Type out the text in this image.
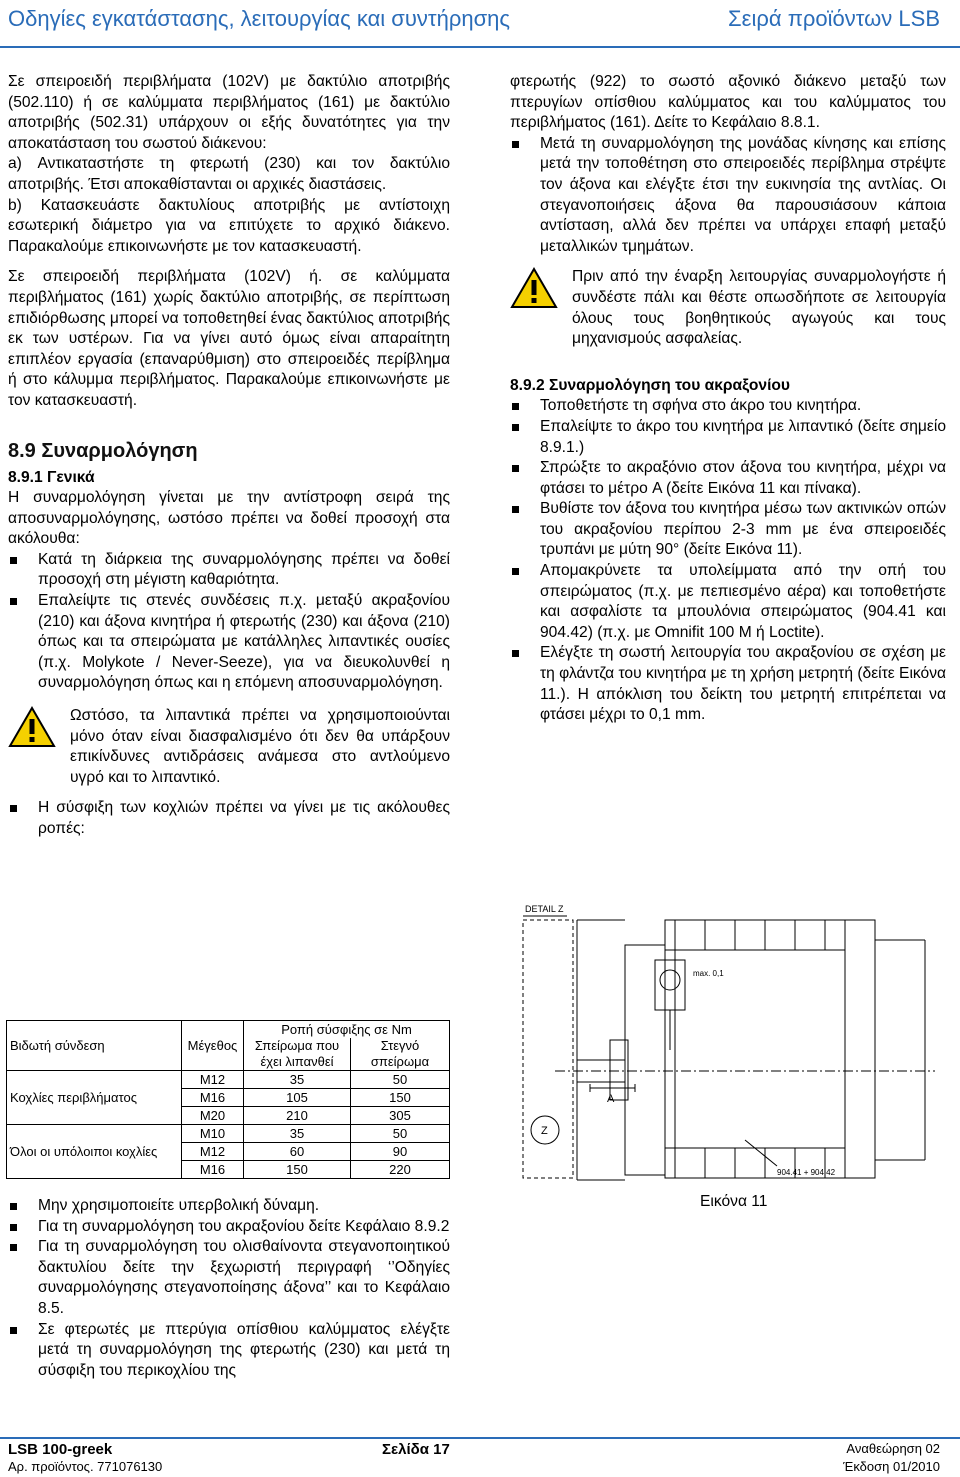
Οδηγίες εγκατάστασης, λειτουργίας και συντήρησης	Σειρά προϊόντων LSB

Σε σπειροειδή περιβλήματα (102V) με δακτύλιο αποτριβής (502.110) ή σε καλύμματα περιβλήματος (161) με δακτύλιο αποτριβής (502.31) υπάρχουν οι εξής δυνατότητες για την αποκατάσταση του σωστού διάκενου:

a) Αντικαταστήστε τη φτερωτή (230) και τον δακτύλιο αποτριβής. Έτσι αποκαθίστανται οι αρχικές διαστάσεις.

b) Κατασκευάστε δακτυλίους αποτριβής με αντίστοιχη εσωτερική διάμετρο για να επιτύχετε το αρχικό διάκενο. Παρακαλούμε επικοινωνήστε με τον κατασκευαστή.

Σε σπειροειδή περιβλήματα (102V) ή. σε καλύμματα περιβλήματος (161) χωρίς δακτύλιο αποτριβής, σε περίπτωση επιδιόρθωσης μπορεί να τοποθετηθεί ένας δακτύλιος αποτριβής εκ των υστέρων. Για να γίνει αυτό όμως είναι απαραίτητη επιπλέον εργασία (επαναρύθμιση) στο σπειροειδές περίβλημα ή στο κάλυμμα περιβλήματος. Παρακαλούμε επικοινωνήστε με τον κατασκευαστή.

8.9 Συναρμολόγηση
8.9.1 Γενικά

Η συναρμολόγηση γίνεται με την αντίστροφη σειρά της αποσυναρμολόγησης, ωστόσο πρέπει να δοθεί προσοχή στα ακόλουθα:

Κατά τη διάρκεια της συναρμολόγησης πρέπει να δοθεί προσοχή στη μέγιστη καθαριότητα.
Επαλείψτε τις στενές συνδέσεις π.χ. μεταξύ ακραξονίου (210) και άξονα κινητήρα ή φτερωτής (230) και άξονα (210) όπως και τα σπειρώματα με κατάλληλες λιπαντικές ουσίες (π.χ. Molykote / Never-Seeze), για να διευκολυνθεί η συναρμολόγηση όπως και η επόμενη αποσυναρμολόγηση.

Ωστόσο, τα λιπαντικά πρέπει να χρησιμοποιούνται μόνο όταν είναι διασφαλισμένο ότι δεν θα υπάρξουν επικίνδυνες αντιδράσεις ανάμεσα στο αντλούμενο υγρό και το λιπαντικό.

Η σύσφιξη των κοχλιών πρέπει να γίνει με τις ακόλουθες ροπές:
Βιδωτή σύνδεση	Μέγεθος	Ροπή σύσφιξης σε Nm	
		Σπείρωμα που έχει λιπανθεί	Στεγνό σπείρωμα

Κοχλίες περιβλήματος	M12	35	50
	M16	105	150
	M20	210	305
Όλοι οι υπόλοιποι κοχλίες	M10	35	50
	M12	60	90
	M16	150	220
Μην χρησιμοποιείτε υπερβολική δύναμη.
Για τη συναρμολόγηση του ακραξονίου δείτε Κεφάλαιο 8.9.2
Για τη συναρμολόγηση του ολισθαίνοντα στεγανοποιητικού δακτυλίου δείτε την ξεχωριστή περιγραφή ‘’Οδηγίες συναρμολόγησης στεγανοποίησης άξονα’’ και το Κεφάλαιο 8.5.
Σε φτερωτές με πτερύγια οπίσθιου καλύμματος ελέγξτε μετά τη συναρμολόγηση της φτερωτής (230) και μετά τη σύσφιξη του περικοχλίου της

φτερωτής (922) το σωστό αξονικό διάκενο μεταξύ των πτερυγίων οπίσθιου καλύμματος και του καλύμματος του περιβλήματος (161). Δείτε το Κεφάλαιο 8.8.1.

Μετά τη συναρμολόγηση της μονάδας κίνησης και επίσης μετά την τοποθέτηση στο σπειροειδές περίβλημα στρέψτε τον άξονα και ελέγξτε έτσι την ευκινησία της αντλίας. Οι στεγανοποιήσεις άξονα θα παρουσιάσουν κάποια αντίσταση, αλλά δεν πρέπει να υπάρχει επαφή μεταξύ μεταλλικών τμημάτων.

Πριν από την έναρξη λειτουργίας συναρμολογήστε ή συνδέστε πάλι και θέστε οπωσδήποτε σε λειτουργία όλους τους βοηθητικούς αγωγούς και τους μηχανισμούς ασφαλείας.

8.9.2 Συναρμολόγηση του ακραξονίου
Τοποθετήστε τη σφήνα στο άκρο του κινητήρα.
Επαλείψτε το άκρο του κινητήρα με λιπαντικό (δείτε σημείο 8.9.1.)
Σπρώξτε το ακραξόνιο στον άξονα του κινητήρα, μέχρι να φτάσει το μέτρο A (δείτε Εικόνα 11 και πίνακα).
Βυθίστε τον άξονα του κινητήρα μέσω των ακτινικών οπών του ακραξονίου περίπου 2-3 mm με ένα σπειροειδές τρυπάνι με μύτη 90° (δείτε Εικόνα 11).
Απομακρύνετε τα υπολείμματα από την οπή του σπειρώματος (π.χ. με πεπιεσμένο αέρα) και τοποθετήστε και ασφαλίστε τα μπουλόνια σπειρώματος (904.41 και 904.42) (π.χ. με Omnifit 100 M ή Loctite).
Ελέγξτε τη σωστή λειτουργία του ακραξονίου σε σχέση με τη φλάντζα του κινητήρα με τη χρήση μετρητή (δείτε Εικόνα 11.). Η απόκλιση του δείκτη του μετρητή επιτρέπεται να φτάσει μέχρι το 0,1 mm.
DETAIL Z
Z
A
max. 0,1
904.41 + 904.42
Εικόνα 11
LSB 100-greek	Σελίδα 17	Αναθεώρηση 02
Αρ. προϊόντος. 771076130	Έκδοση 01/2010
